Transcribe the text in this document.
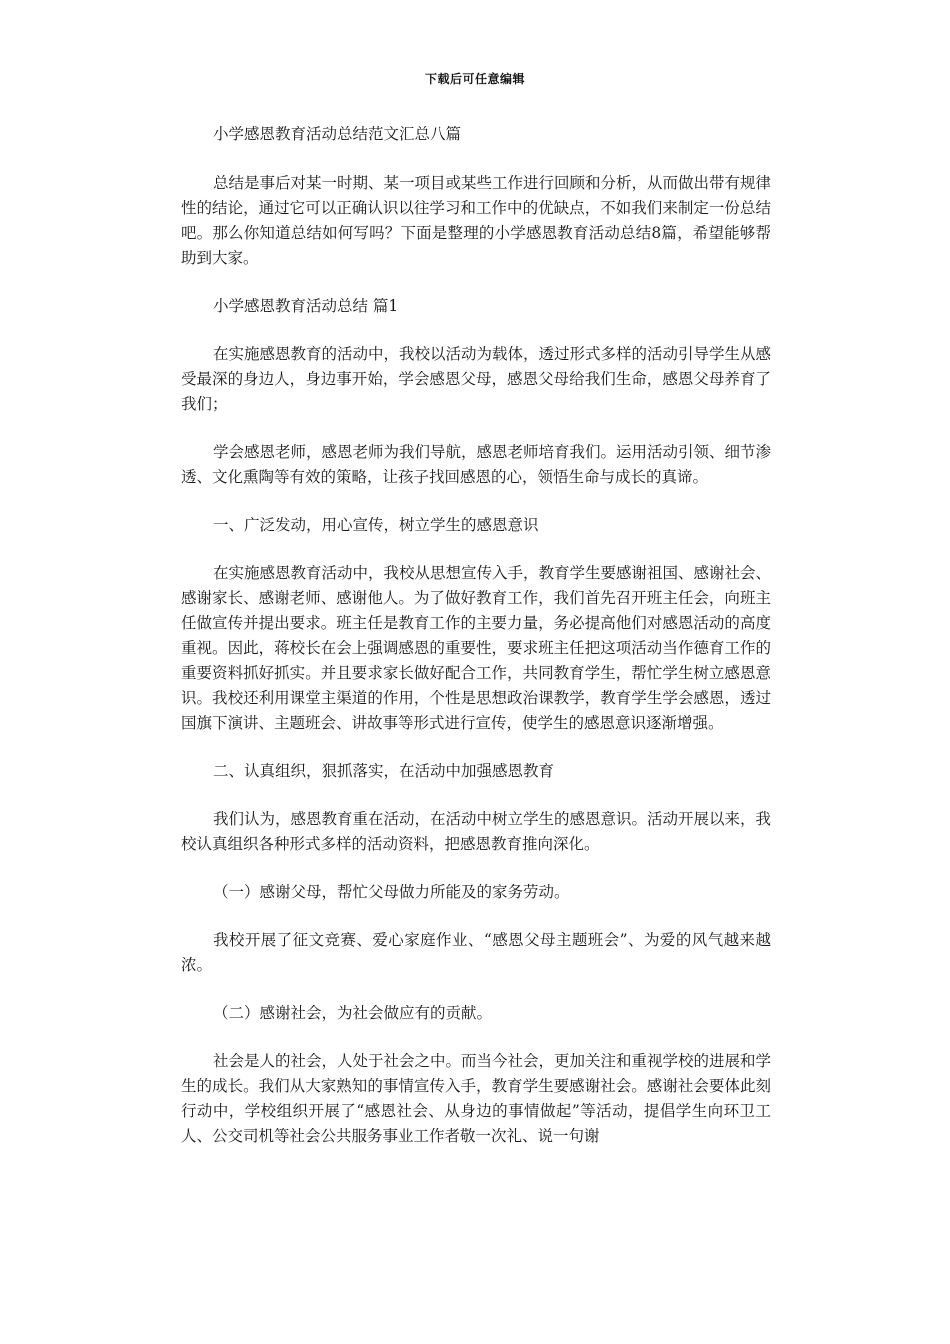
下载后可任意编辑

小学感恩教育活动总结范文汇总八篇

总结是事后对某一时期、某一项目或某些工作进行回顾和分析，从而做出带有规律性的结论，通过它可以正确认识以往学习和工作中的优缺点，不如我们来制定一份总结吧。那么你知道总结如何写吗？下面是整理的小学感恩教育活动总结8篇，希望能够帮助到大家。

小学感恩教育活动总结 篇1

在实施感恩教育的活动中，我校以活动为载体，透过形式多样的活动引导学生从感受最深的身边人，身边事开始，学会感恩父母，感恩父母给我们生命，感恩父母养育了我们；

学会感恩老师，感恩老师为我们导航，感恩老师培育我们。运用活动引领、细节渗透、文化熏陶等有效的策略，让孩子找回感恩的心，领悟生命与成长的真谛。

一、广泛发动，用心宣传，树立学生的感恩意识

在实施感恩教育活动中，我校从思想宣传入手，教育学生要感谢祖国、感谢社会、感谢家长、感谢老师、感谢他人。为了做好教育工作，我们首先召开班主任会，向班主任做宣传并提出要求。班主任是教育工作的主要力量，务必提高他们对感恩活动的高度重视。因此，蒋校长在会上强调感恩的重要性，要求班主任把这项活动当作德育工作的重要资料抓好抓实。并且要求家长做好配合工作，共同教育学生，帮忙学生树立感恩意识。我校还利用课堂主渠道的作用，个性是思想政治课教学，教育学生学会感恩，透过国旗下演讲、主题班会、讲故事等形式进行宣传，使学生的感恩意识逐渐增强。

二、认真组织，狠抓落实，在活动中加强感恩教育

我们认为，感恩教育重在活动，在活动中树立学生的感恩意识。活动开展以来，我校认真组织各种形式多样的活动资料，把感恩教育推向深化。

（一）感谢父母，帮忙父母做力所能及的家务劳动。

我校开展了征文竞赛、爱心家庭作业、“感恩父母主题班会”、为爱的风气越来越浓。

（二）感谢社会，为社会做应有的贡献。

社会是人的社会，人处于社会之中。而当今社会，更加关注和重视学校的进展和学生的成长。我们从大家熟知的事情宣传入手，教育学生要感谢社会。感谢社会要体此刻行动中，学校组织开展了“感恩社会、从身边的事情做起”等活动，提倡学生向环卫工人、公交司机等社会公共服务事业工作者敬一次礼、说一句谢
